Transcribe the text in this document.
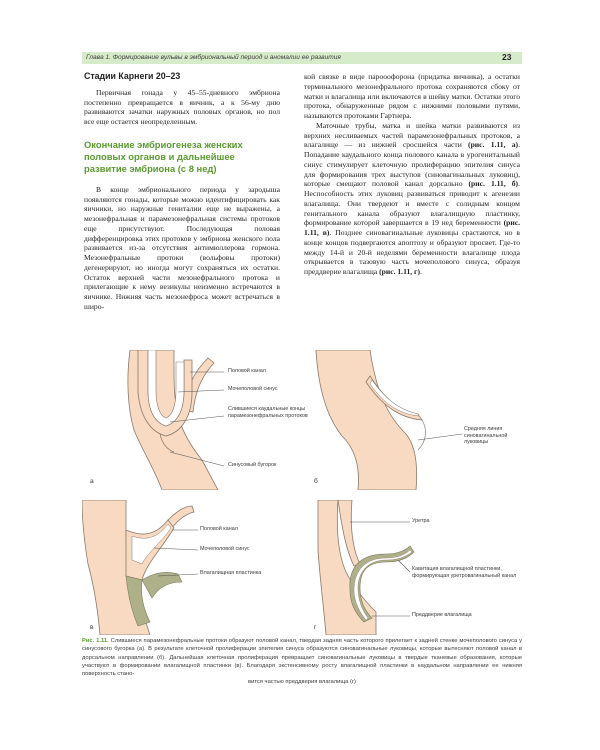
Глава 1. Формирование вульвы в эмбриональный период и аномалии ее развития	23
Стадии Карнеги 20–23

Первичная гонада у 45–55-дневного эмбриона постепенно превращается в яичник, а к 56-му дню развиваются зачатки наружных половых органов, но пол все еще остается неопределенным.

Окончание эмбриогенеза женских половых органов и дальнейшее развитие эмбриона (с 8 нед)

В конце эмбрионального периода у зародыша появляются гонады, которые можно идентифицировать как яичники, но наружные гениталии еще не выражены, а мезонефральная и парамезонефральная системы протоков еще присутствуют. Последующая половая дифференцировка этих протоков у эмбриона женского пола развивается из-за отсутствия антимюллерова гормона. Мезонефральные протоки (вольфовы протоки) дегенерируют, но иногда могут сохраняться их остатки. Остаток верхней части мезонефрального протока и прилегающие к нему везикулы неизменно встречаются в яичнике. Нижняя часть мезонефроса может встречаться в широ-

кой связке в виде парооофорона (придатка яичника), а остатки терминального мезонефрального протока сохраняются сбоку от матки и влагалища или включаются в шейку матки. Остатки этого протока, обнаруженные рядом с нижними половыми путями, называются протоками Гартнера.

Маточные трубы, матка и шейка матки развиваются из верхних несливаемых частей парамезонефральных протоков, а влагалище — из нижней сросшейся части (рис. 1.11, а). Попадание каудального конца полового канала в урогенитальный синус стимулирует клеточную пролиферацию эпителия синуса для формирования трех выступов (синовагинальных луковиц), которые смещают половой канал дорсально (рис. 1.11, б). Неспособность этих луковиц развиваться приводит к агенезии влагалища. Они твердеют и вместе с солидным концом генитального канала образуют влагалищную пластинку, формирование которой завершается в 19 нед беременности (рис. 1.11, в). Позднее синовагинальные луковицы срастаются, но в конце концов подвергаются апоптозу и образуют просвет. Где-то между 14-й и 20-й неделями беременности влагалище плода открывается в тазовую часть мочеполового синуса, образуя преддверие влагалища (рис. 1.11, г).

Половой канал
Мочеполовой синус
Слившиеся каудальные концы парамезонефральных протоков
Синусовый бугорок
а
Средняя линия синовагинальной луковицы
б
Половой канал
Мочеполовой синус
Влагалищная пластинка
в
Уретра
Кавитация влагалищной пластинки, формирующая уретровагинальный канал
Преддверие влагалища
г
Рис. 1.11. Слившиеся парамезонефральные протоки образуют половой канал, твердая задняя часть которого прилегает к задней стенке мочеполового синуса у синусового бугорка (а). В результате клеточной пролиферации эпителия синуса образуются синовагинальные луковицы, которые вытесняют половой канал в дорсальном направлении (б). Дальнейшая клеточная пролиферация превращает синовагинальные луковицы в твердые тканевые образования, которые участвуют в формировании влагалищной пластинки (в). Благодаря экстенсивному росту влагалищной пластинки в каудальном направлении ее нижняя поверхность стано-
вится частью преддверия влагалища (г)
